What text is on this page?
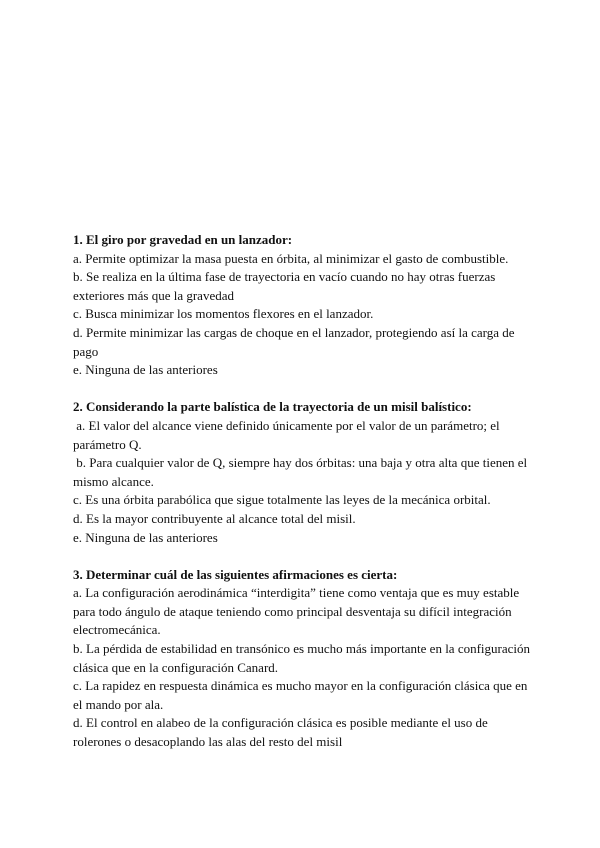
1. El giro por gravedad en un lanzador:

a. Permite optimizar la masa puesta en órbita, al minimizar el gasto de combustible.

b. Se realiza en la última fase de trayectoria en vacío cuando no hay otras fuerzas exteriores más que la gravedad

c. Busca minimizar los momentos flexores en el lanzador.

d. Permite minimizar las cargas de choque en el lanzador, protegiendo así la carga de pago

e. Ninguna de las anteriores

2. Considerando la parte balística de la trayectoria de un misil balístico:

a. El valor del alcance viene definido únicamente por el valor de un parámetro; el parámetro Q.

b. Para cualquier valor de Q, siempre hay dos órbitas: una baja y otra alta que tienen el mismo alcance.

c. Es una órbita parabólica que sigue totalmente las leyes de la mecánica orbital.

d. Es la mayor contribuyente al alcance total del misil.

e. Ninguna de las anteriores

3. Determinar cuál de las siguientes afirmaciones es cierta:

a. La configuración aerodinámica “interdigita” tiene como ventaja que es muy estable para todo ángulo de ataque teniendo como principal desventaja su difícil integración electromecánica.

b. La pérdida de estabilidad en transónico es mucho más importante en la configuración clásica que en la configuración Canard.

c. La rapidez en respuesta dinámica es mucho mayor en la configuración clásica que en el mando por ala.

d. El control en alabeo de la configuración clásica es posible mediante el uso de rolerones o desacoplando las alas del resto del misil
